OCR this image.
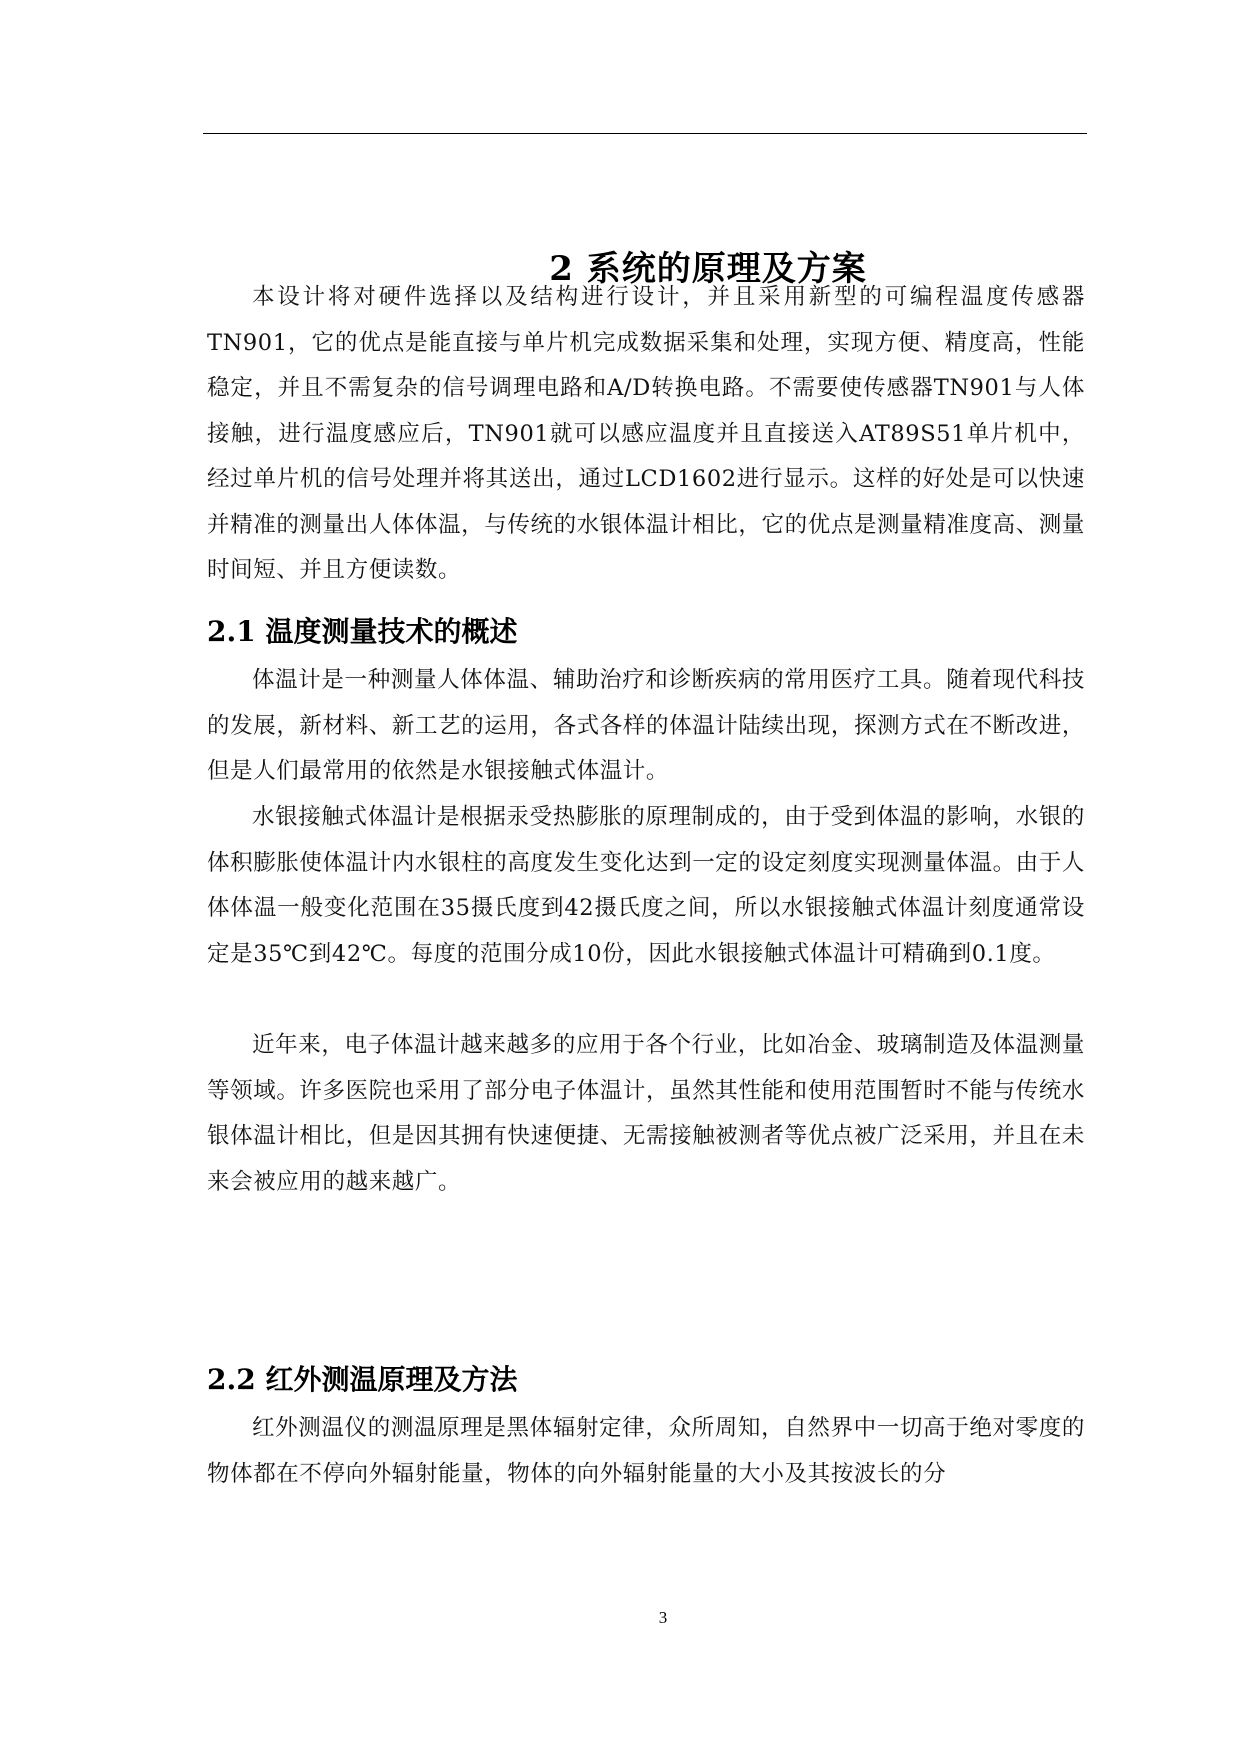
2 系统的原理及方案

本设计将对硬件选择以及结构进行设计，并且采用新型的可编程温度传感器TN901，它的优点是能直接与单片机完成数据采集和处理，实现方便、精度高，性能稳定，并且不需复杂的信号调理电路和A/D转换电路。不需要使传感器TN901与人体接触，进行温度感应后，TN901就可以感应温度并且直接送入AT89S51单片机中，经过单片机的信号处理并将其送出，通过LCD1602进行显示。这样的好处是可以快速并精准的测量出人体体温，与传统的水银体温计相比，它的优点是测量精准度高、测量时间短、并且方便读数。

2.1 温度测量技术的概述

体温计是一种测量人体体温、辅助治疗和诊断疾病的常用医疗工具。随着现代科技的发展，新材料、新工艺的运用，各式各样的体温计陆续出现，探测方式在不断改进，但是人们最常用的依然是水银接触式体温计。

水银接触式体温计是根据汞受热膨胀的原理制成的，由于受到体温的影响，水银的体积膨胀使体温计内水银柱的高度发生变化达到一定的设定刻度实现测量体温。由于人体体温一般变化范围在35摄氏度到42摄氏度之间，所以水银接触式体温计刻度通常设定是35℃到42℃。每度的范围分成10份，因此水银接触式体温计可精确到0.1度。

近年来，电子体温计越来越多的应用于各个行业，比如冶金、玻璃制造及体温测量等领域。许多医院也采用了部分电子体温计，虽然其性能和使用范围暂时不能与传统水银体温计相比，但是因其拥有快速便捷、无需接触被测者等优点被广泛采用，并且在未来会被应用的越来越广。

2.2 红外测温原理及方法

红外测温仪的测温原理是黑体辐射定律，众所周知，自然界中一切高于绝对零度的物体都在不停向外辐射能量，物体的向外辐射能量的大小及其按波长的分

3
